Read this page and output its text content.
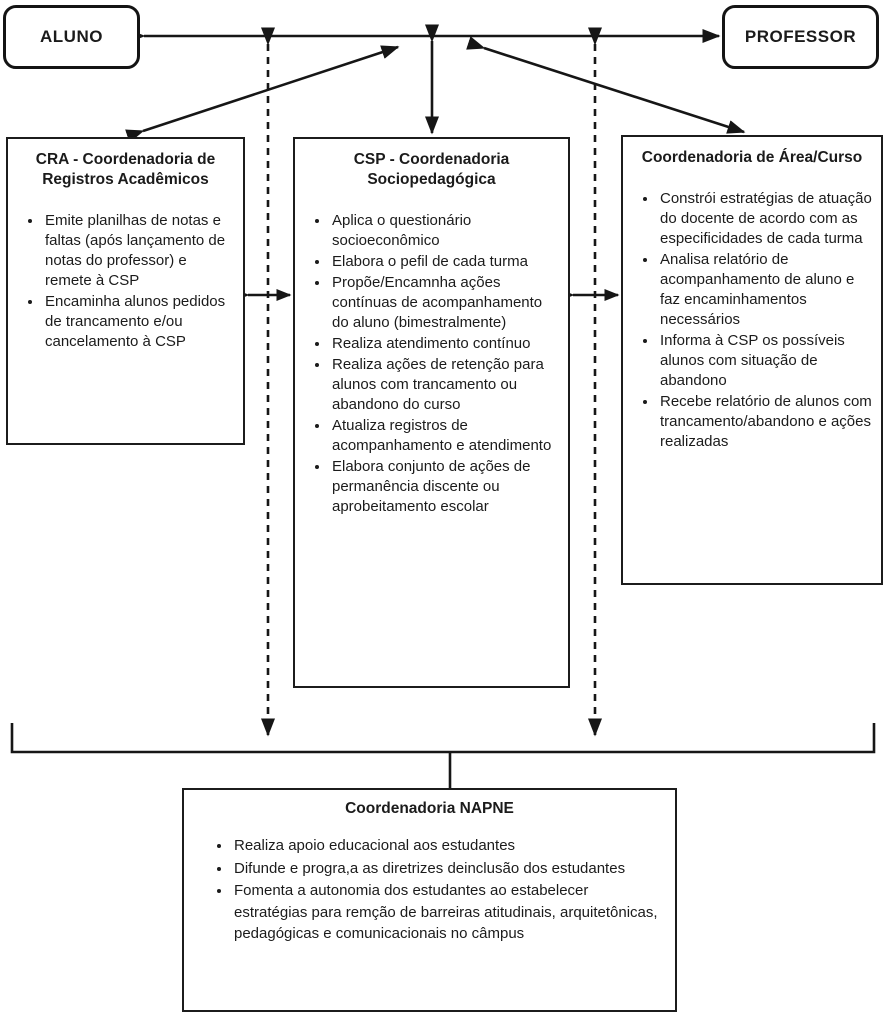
ALUNO	PROFESSOR
CRA - Coordenadoria de Registros Acadêmicos
• Emite planilhas de notas e faltas (após lançamento de notas do professor) e remete à CSP
• Encaminha alunos pedidos de trancamento e/ou cancelamento à CSP
CSP - Coordenadoria Sociopedagógica
• Aplica o questionário socioeconômico
• Elabora o pefil de cada turma
• Propõe/Encamnha ações contínuas de acompanhamento do aluno (bimestralmente)
• Realiza atendimento contínuo
• Realiza ações de retenção para alunos com trancamento ou abandono do curso
• Atualiza registros de acompanhamento e atendimento
• Elabora conjunto de ações de permanência discente ou aprobeitamento escolar
Coordenadoria de Área/Curso
• Constrói estratégias de atuação do docente de acordo com as especificidades de cada turma
• Analisa relatório de acompanhamento de aluno e faz encaminhamentos necessários
• Informa à CSP os possíveis alunos com situação de abandono
• Recebe relatório de alunos com trancamento/abandono e ações realizadas
Coordenadoria NAPNE
• Realiza apoio educacional aos estudantes
• Difunde e progra,a as diretrizes deinclusão dos estudantes
• Fomenta a autonomia dos estudantes ao estabelecer estratégias para remção de barreiras atitudinais, arquitetônicas, pedagógicas e comunicacionais no câmpus
